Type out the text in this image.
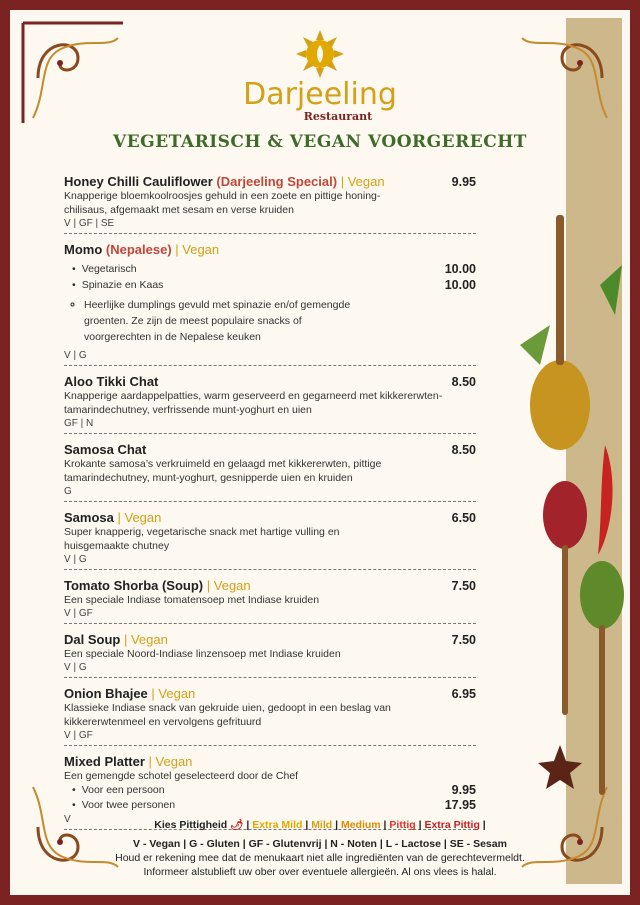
Darjeeling
Restaurant
VEGETARISCH & VEGAN VOORGERECHT
Honey Chilli Cauliflower (Darjeeling Special) | Vegan	9.95
Knapperige bloemkoolroosjes gehuld in een zoete en pittige honing-chilisaus, afgemaakt met sesam en verse kruiden
V | GF | SE
Momo (Nepalese) | Vegan
Vegetarisch	10.00
Spinazie en Kaas	10.00
◦ Heerlijke dumplings gevuld met spinazie en/of gemengde groenten. Ze zijn de meest populaire snacks of voorgerechten in de Nepalese keuken
V | G
Aloo Tikki Chat	8.50
Knapperige aardappelpatties, warm geserveerd en gegarneerd met kikkererwten-tamarindechutney, verfrissende munt-yoghurt en uien
GF | N
Samosa Chat	8.50
Krokante samosa’s verkruimeld en gelaagd met kikkererwten, pittige tamarindechutney, munt-yoghurt, gesnipperde uien en kruiden
G
Samosa | Vegan	6.50
Super knapperig, vegetarische snack met hartige vulling en huisgemaakte chutney
V | G
Tomato Shorba (Soup) | Vegan	7.50
Een speciale Indiase tomatensoep met Indiase kruiden
V | GF
Dal Soup | Vegan	7.50
Een speciale Noord-Indiase linzensoep met Indiase kruiden
V | G
Onion Bhajee | Vegan	6.95
Klassieke Indiase snack van gekruide uien, gedoopt in een beslag van kikkererwtenmeel en vervolgens gefrituurd
V | GF
Mixed Platter | Vegan
Een gemengde schotel geselecteerd door de Chef
Voor een persoon	9.95
Voor twee personen	17.95
V	Kies Pittigheid 🌶 | Extra Mild | Mild | Medium | Pittig | Extra Pittig |
V - Vegan | G - Gluten | GF - Glutenvrij | N - Noten | L - Lactose | SE - Sesam
Houd er rekening mee dat de menukaart niet alle ingrediënten van de gerechtevermeldt.
Informeer alstublieft uw ober over eventuele allergieën. Al ons vlees is halal.
